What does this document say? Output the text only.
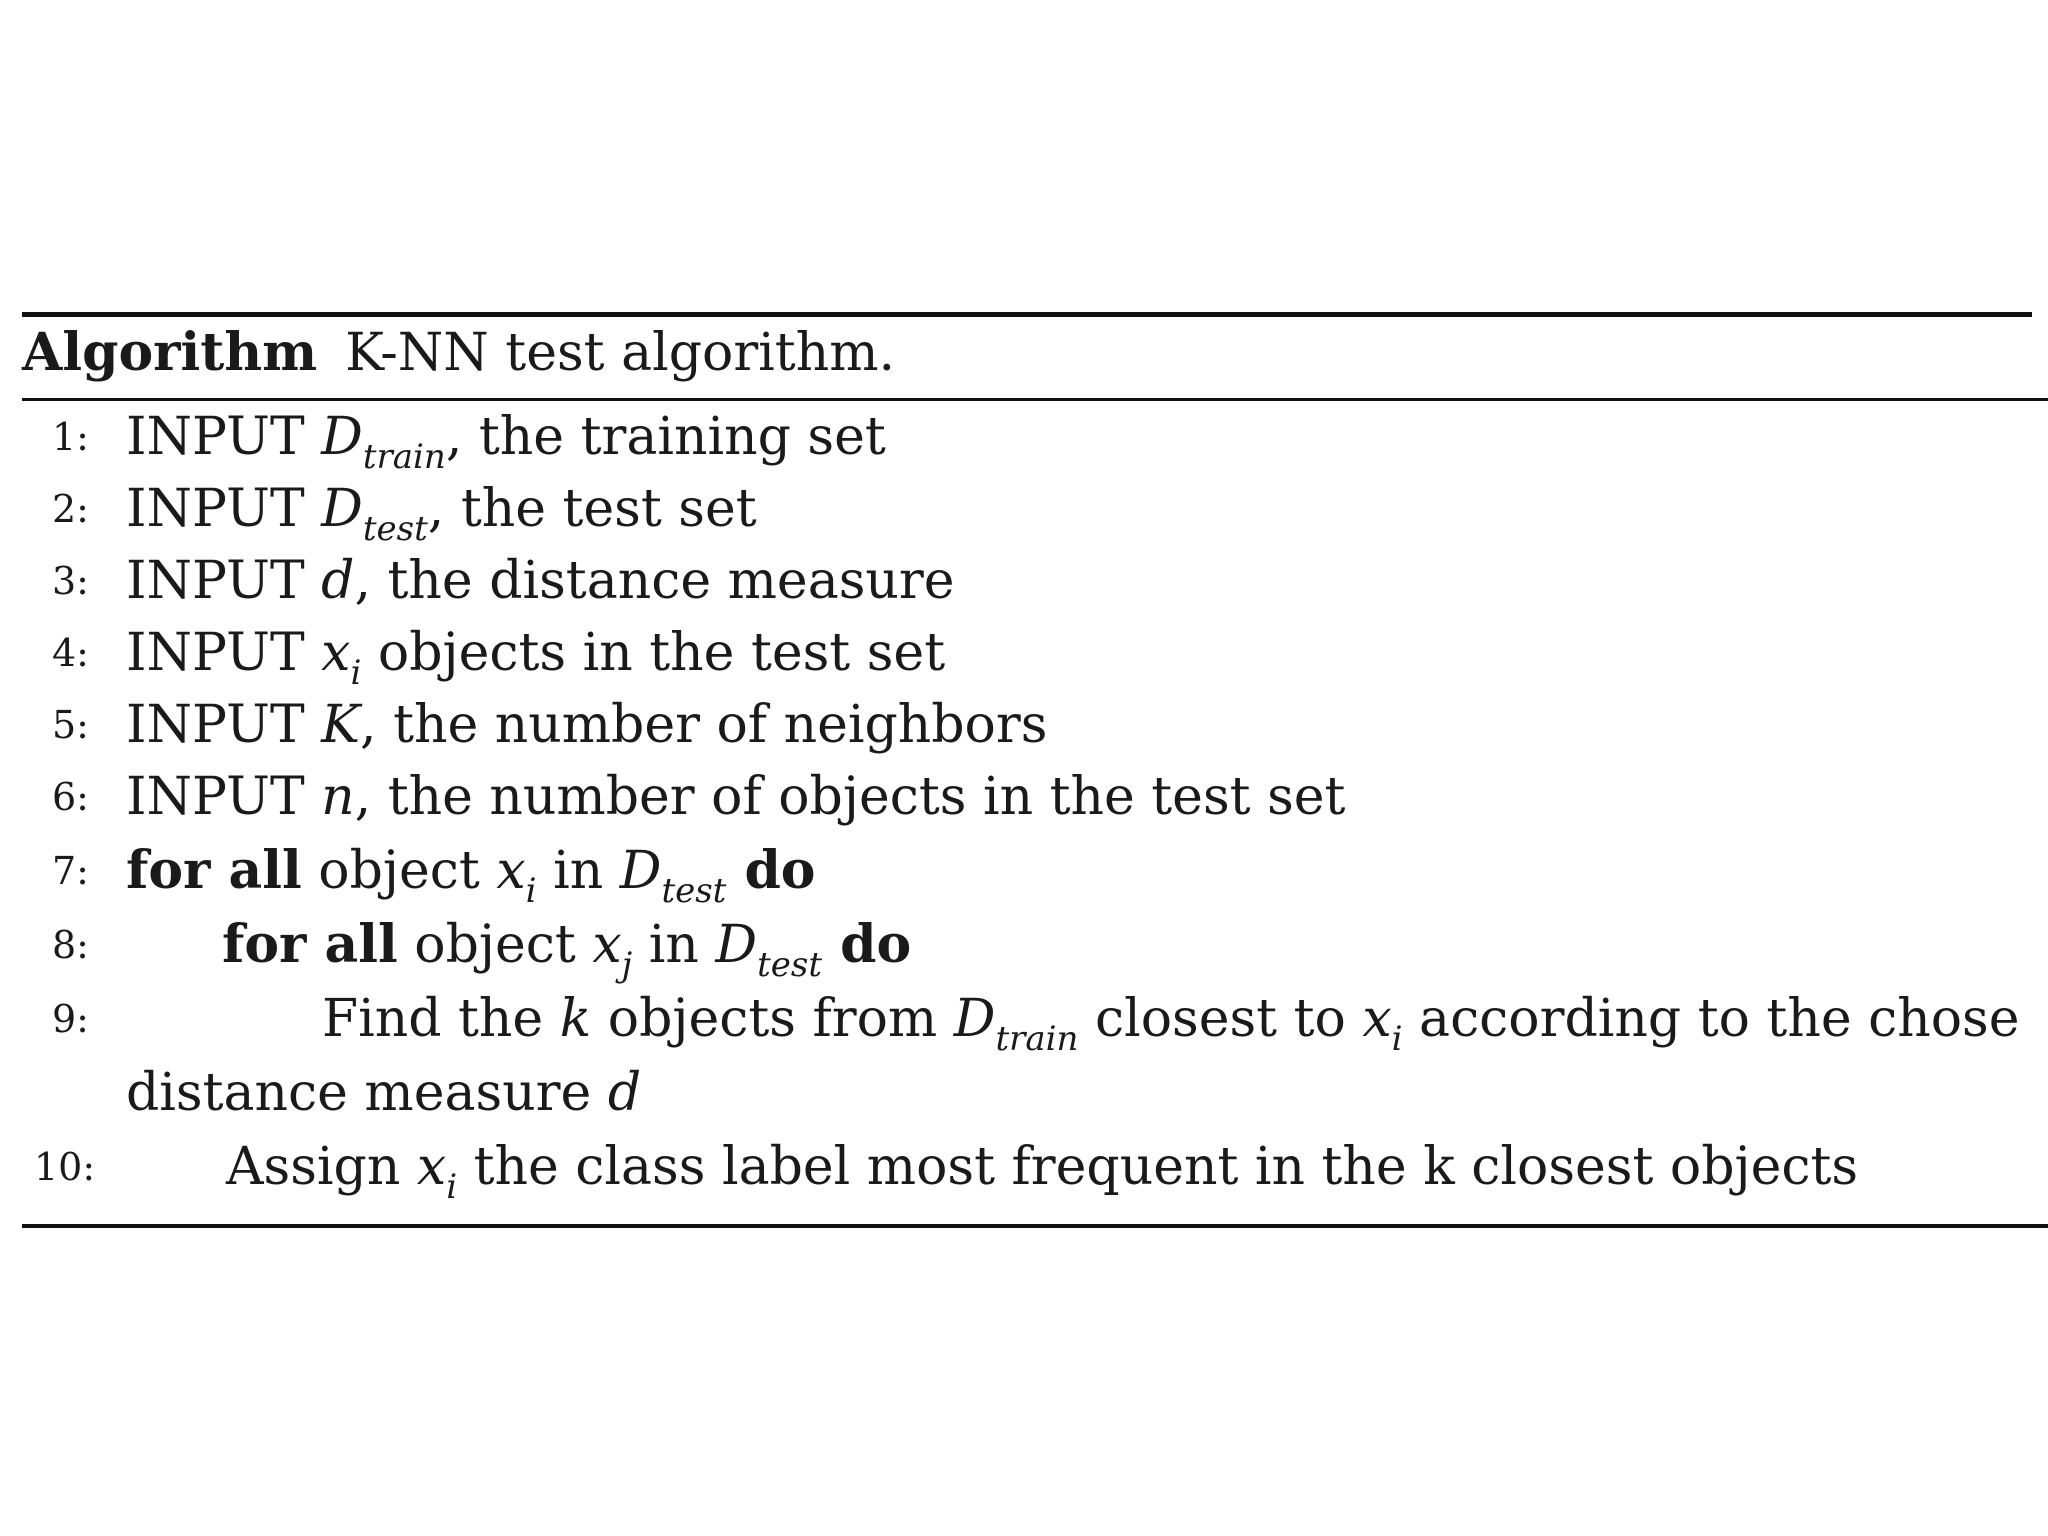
Algorithm K-NN test algorithm.
1: INPUT $D_{train}$, the training set
2: INPUT $D_{test}$, the test set
3: INPUT d, the distance measure
4: INPUT $x_i$ objects in the test set
5: INPUT K, the number of neighbors
6: INPUT n, the number of objects in the test set
7: for all object $x_i$ in $D_{test}$ do
8:	for all object $x_j$ in $D_{test}$ do
9:	Find the k objects from $D_{train}$ closest to $x_i$ according to the chose
distance measure d
10:	Assign $x_i$ the class label most frequent in the k closest objects
